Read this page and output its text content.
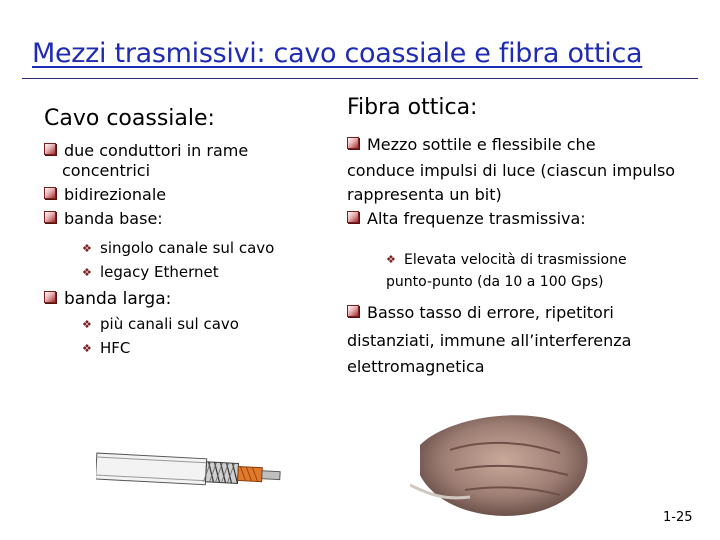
Mezzi trasmissivi: cavo coassiale e fibra ottica
Cavo coassiale:
due conduttori in rame
concentrici
bidirezionale
banda base:
❖ singolo canale sul cavo
❖ legacy Ethernet
banda larga:
❖ più canali sul cavo
❖ HFC
Fibra ottica:
Mezzo sottile e flessibile che
conduce impulsi di luce (ciascun impulso
rappresenta un bit)
Alta frequenze trasmissiva:
❖ Elevata velocità di trasmissione
punto-punto (da 10 a 100 Gps)
Basso tasso di errore, ripetitori
distanziati, immune all’interferenza
elettromagnetica
1-25
